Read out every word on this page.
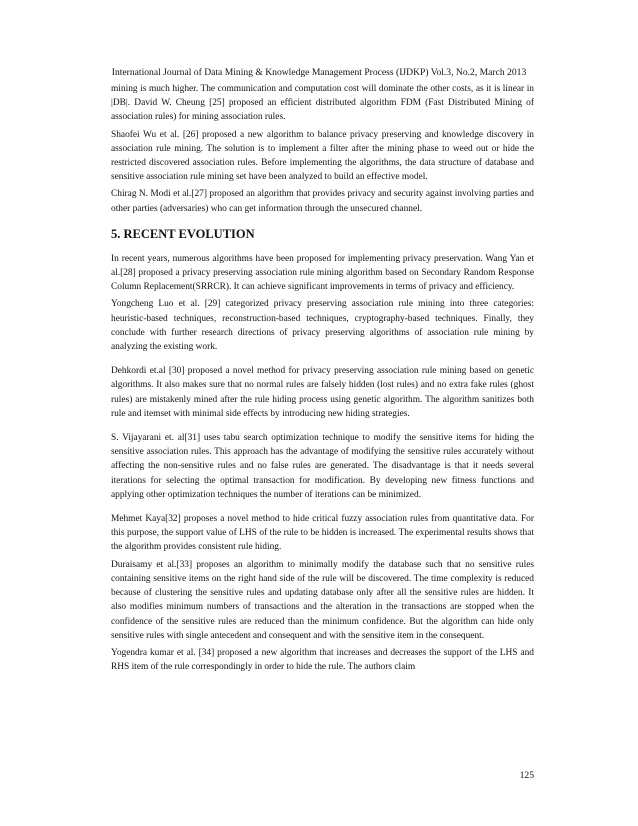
International Journal of Data Mining & Knowledge Management Process (IJDKP) Vol.3, No.2, March 2013

mining is much higher. The communication and computation cost will dominate the other costs, as it is linear in |DB|. David W. Cheung [25] proposed an efficient distributed algorithm FDM (Fast Distributed Mining of association rules) for mining association rules.

Shaofei Wu et al. [26] proposed a new algorithm to balance privacy preserving and knowledge discovery in association rule mining. The solution is to implement a filter after the mining phase to weed out or hide the restricted discovered association rules. Before implementing the algorithms, the data structure of database and sensitive association rule mining set have been analyzed to build an effective model.

Chirag N. Modi et al.[27] proposed an algorithm that provides privacy and security against involving parties and other parties (adversaries) who can get information through the unsecured channel.

5. RECENT EVOLUTION

In recent years, numerous algorithms have been proposed for implementing privacy preservation. Wang Yan et al.[28] proposed a privacy preserving association rule mining algorithm based on Secondary Random Response Column Replacement(SRRCR). It can achieve significant improvements in terms of privacy and efficiency.

Yongcheng Luo et al. [29] categorized privacy preserving association rule mining into three categories: heuristic-based techniques, reconstruction-based techniques, cryptography-based techniques. Finally, they conclude with further research directions of privacy preserving algorithms of association rule mining by analyzing the existing work.

Dehkordi et.al [30] proposed a novel method for privacy preserving association rule mining based on genetic algorithms. It also makes sure that no normal rules are falsely hidden (lost rules) and no extra fake rules (ghost rules) are mistakenly mined after the rule hiding process using genetic algorithm. The algorithm sanitizes both rule and itemset with minimal side effects by introducing new hiding strategies.

S. Vijayarani et. al[31] uses tabu search optimization technique to modify the sensitive items for hiding the sensitive association rules. This approach has the advantage of modifying the sensitive rules accurately without affecting the non-sensitive rules and no false rules are generated. The disadvantage is that it needs several iterations for selecting the optimal transaction for modification. By developing new fitness functions and applying other optimization techniques the number of iterations can be minimized.

Mehmet Kaya[32] proposes a novel method to hide critical fuzzy association rules from quantitative data. For this purpose, the support value of LHS of the rule to be hidden is increased. The experimental results shows that the algorithm provides consistent rule hiding.

Duraisamy et al.[33] proposes an algorithm to minimally modify the database such that no sensitive rules containing sensitive items on the right hand side of the rule will be discovered. The time complexity is reduced because of clustering the sensitive rules and updating database only after all the sensitive rules are hidden. It also modifies minimum numbers of transactions and the alteration in the transactions are stopped when the confidence of the sensitive rules are reduced than the minimum confidence. But the algorithm can hide only sensitive rules with single antecedent and consequent and with the sensitive item in the consequent.

Yogendra kumar et al. [34] proposed a new algorithm that increases and decreases the support of the LHS and RHS item of the rule correspondingly in order to hide the rule. The authors claim

125
